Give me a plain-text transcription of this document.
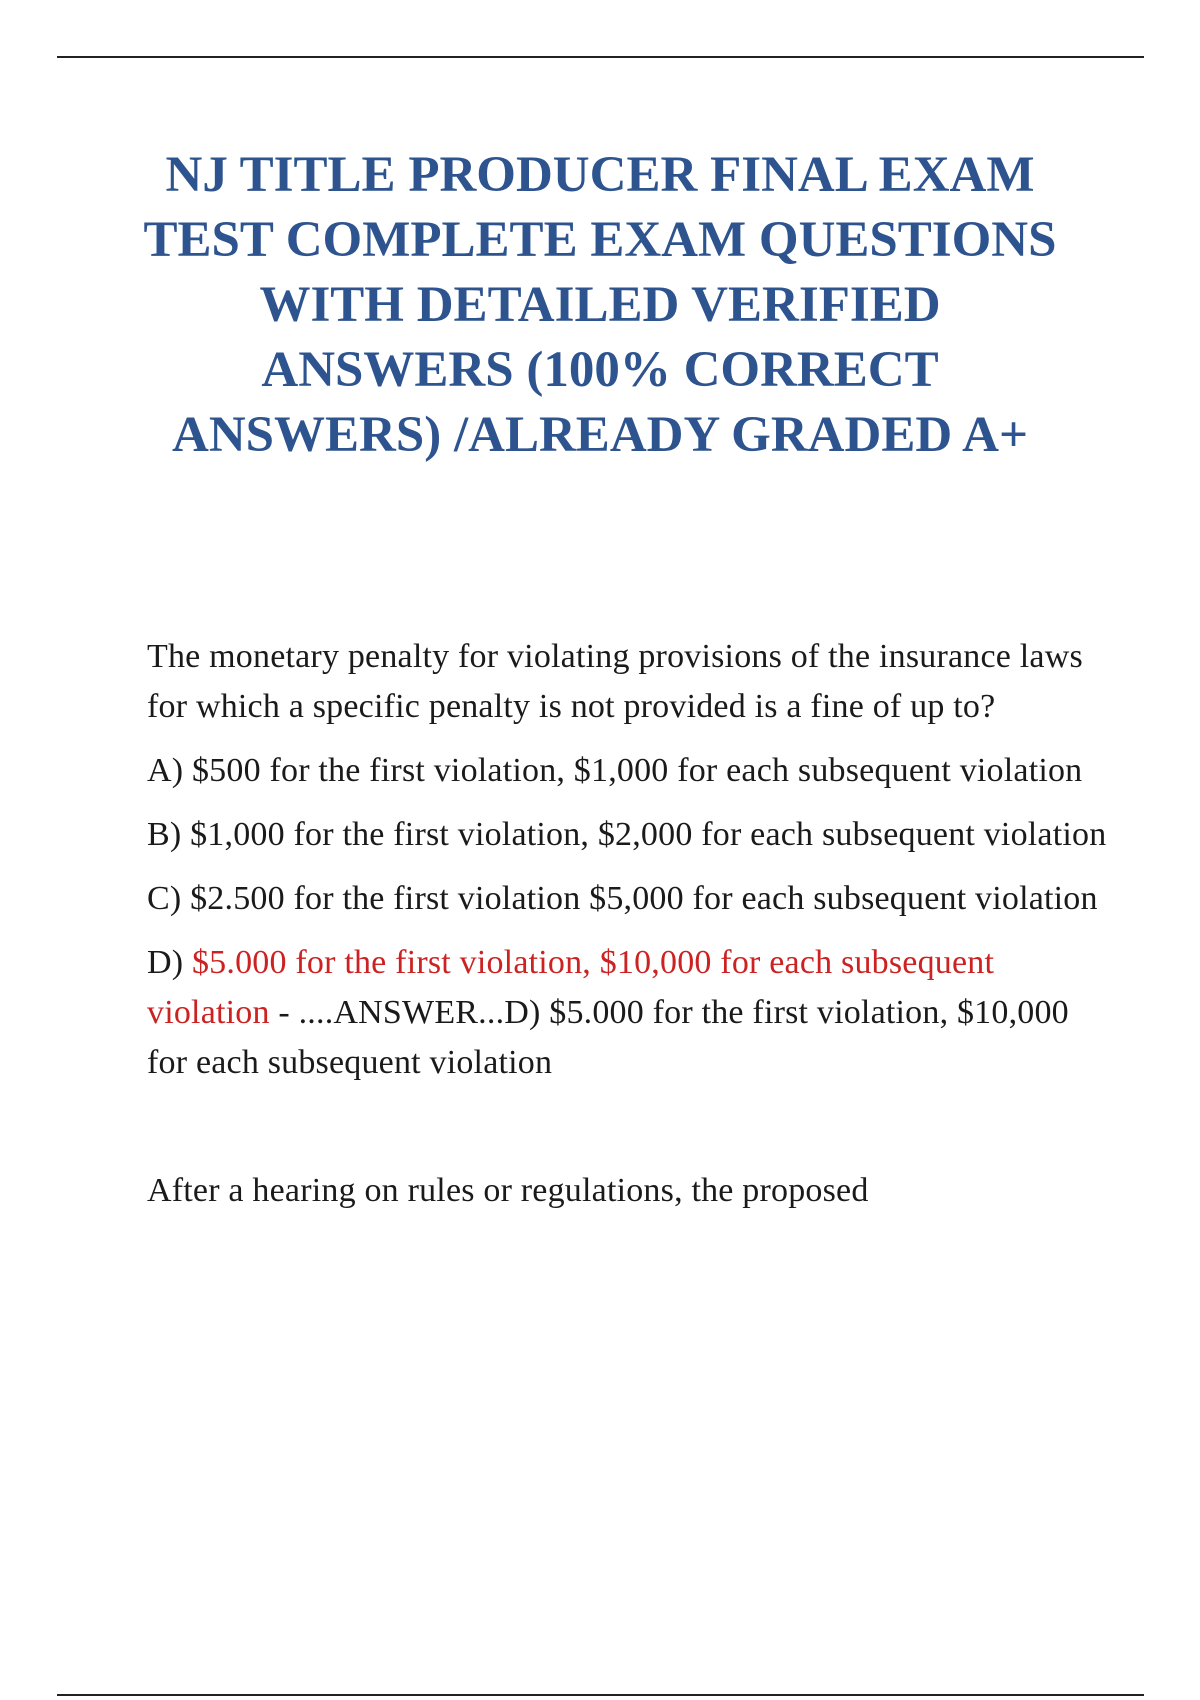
NJ TITLE PRODUCER FINAL EXAM
TEST COMPLETE EXAM QUESTIONS
WITH DETAILED VERIFIED
ANSWERS (100% CORRECT
ANSWERS) /ALREADY GRADED A+

The monetary penalty for violating provisions of the insurance laws for which a specific penalty is not provided is a fine of up to?

A) $500 for the first violation, $1,000 for each subsequent violation

B) $1,000 for the first violation, $2,000 for each subsequent violation

C) $2.500 for the first violation $5,000 for each subsequent violation

D) $5.000 for the first violation, $10,000 for each subsequent violation - ....ANSWER...D) $5.000 for the first violation, $10,000 for each subsequent violation

After a hearing on rules or regulations, the proposed
